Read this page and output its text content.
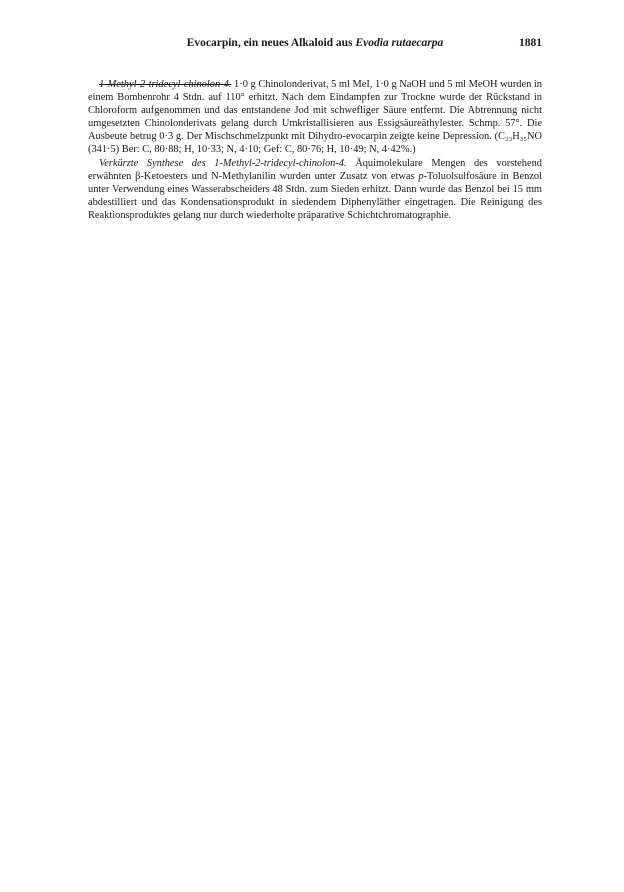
Evocarpin, ein neues Alkaloid aus Evodia rutaecarpa	1881

1-Methyl-2-tridecyl-chinolon-4. 1·0 g Chinolonderivat, 5 ml MeI, 1·0 g NaOH und 5 ml MeOH wurden in einem Bombenrohr 4 Stdn. auf 110° erhitzt. Nach dem Eindampfen zur Trockne wurde der Rückstand in Chloroform aufgenommen und das entstandene Jod mit schwefliger Säure entfernt. Die Abtrennung nicht umgesetzten Chinolonderivats gelang durch Umkristallisieren aus Essigsäureäthylester. Schmp. 57°. Die Ausbeute betrug 0·3 g. Der Mischschmelzpunkt mit Dihydro-evocarpin zeigte keine Depression. (C₂₃H₃₅NO (341·5) Ber: C, 80·88; H, 10·33; N, 4·10; Gef: C, 80·76; H, 10·49; N, 4·42%.)

Verkürzte Synthese des 1-Methyl-2-tridecyl-chinolon-4. Äquimolekulare Mengen des vorstehend erwähnten β-Ketoesters und N-Methylanilin wurden unter Zusatz von etwas p-Toluolsulfosäure in Benzol unter Verwendung eines Wasserabscheiders 48 Stdn. zum Sieden erhitzt. Dann wurde das Benzol bei 15 mm abdestilliert und das Kondensationsprodukt in siedendem Diphenyläther eingetragen. Die Reinigung des Reaktionsproduktes gelang nur durch wiederholte präparative Schichtchromatographie.
